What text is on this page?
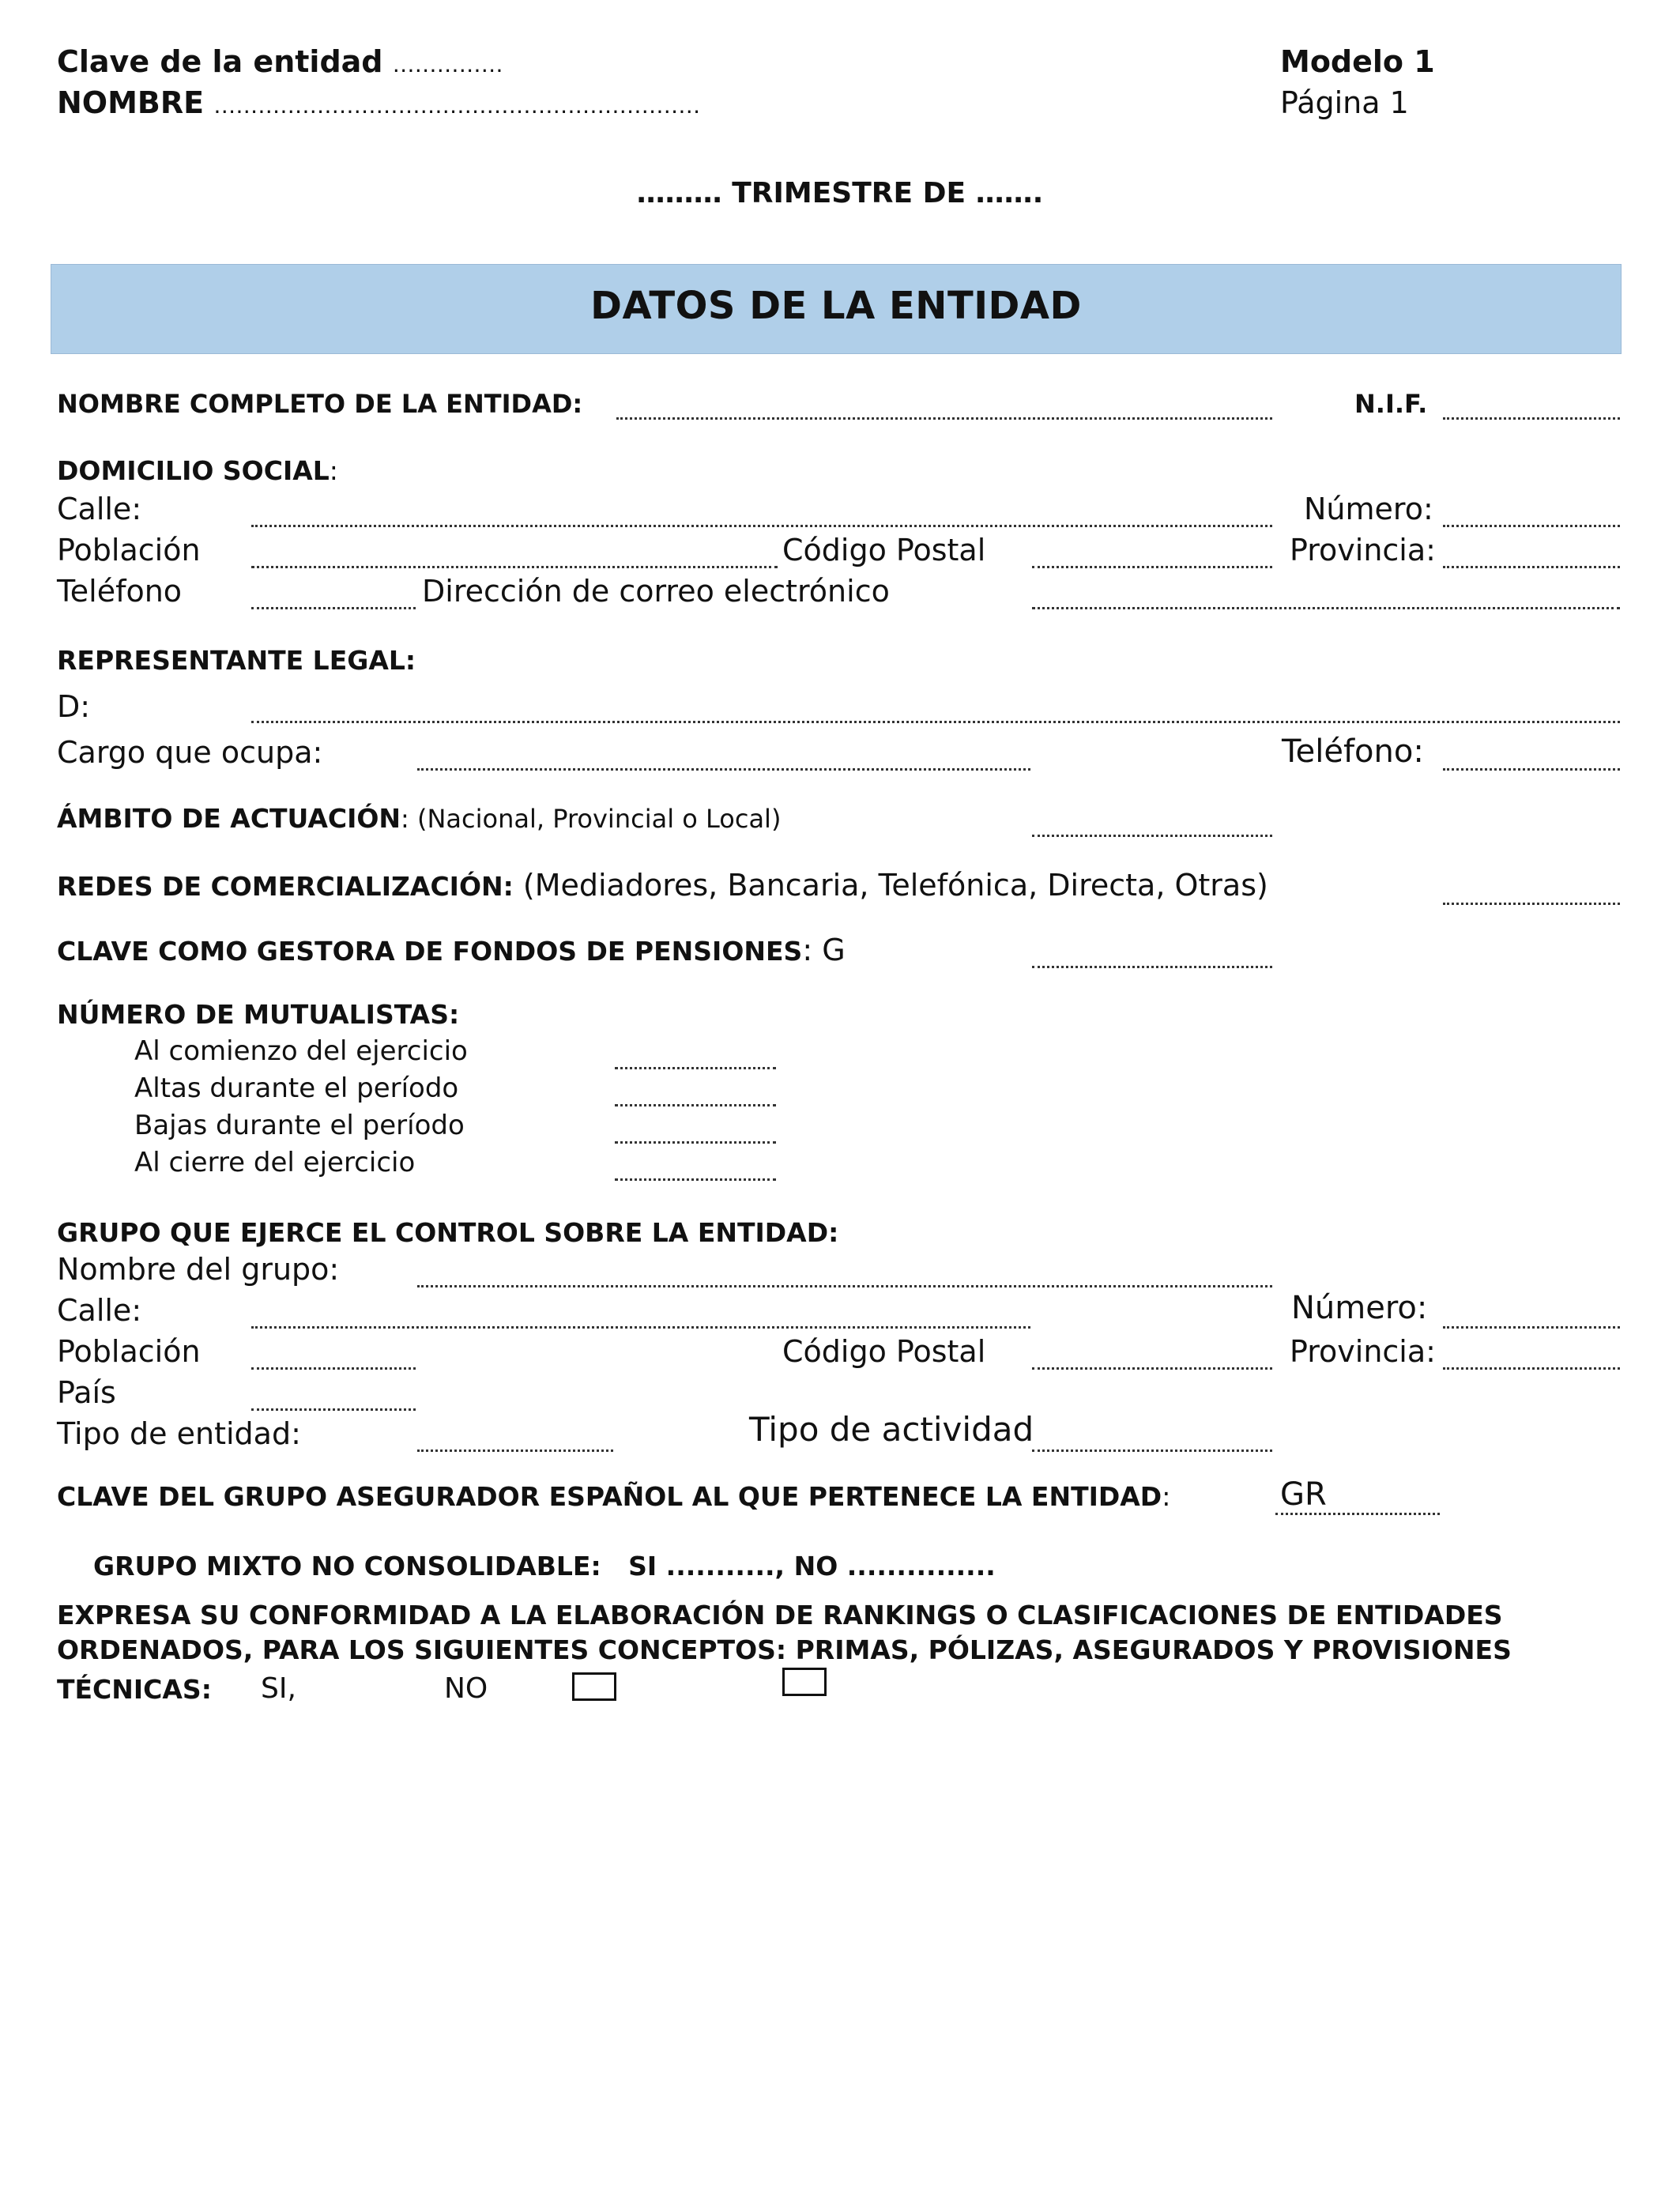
Clave de la entidad ……………
NOMBRE …………………………………………………………
Modelo 1
Página 1
……… TRIMESTRE DE …….
DATOS DE LA ENTIDAD
NOMBRE COMPLETO DE LA ENTIDAD:	N.I.F.
DOMICILIO SOCIAL:
Calle:	Número:
Población	Código Postal	Provincia:
Teléfono	Dirección de correo electrónico
REPRESENTANTE LEGAL:
D:
Cargo que ocupa:	Teléfono:
ÁMBITO DE ACTUACIÓN: (Nacional, Provincial o Local)
REDES DE COMERCIALIZACIÓN: (Mediadores, Bancaria, Telefónica, Directa, Otras)
CLAVE COMO GESTORA DE FONDOS DE PENSIONES: G
NÚMERO DE MUTUALISTAS:
Al comienzo del ejercicio
Altas durante el período
Bajas durante el período
Al cierre del ejercicio
GRUPO QUE EJERCE EL CONTROL SOBRE LA ENTIDAD:
Nombre del grupo:
Calle:	Número:
Población	Código Postal	Provincia:
País
Tipo de entidad:	Tipo de actividad
CLAVE DEL GRUPO ASEGURADOR ESPAÑOL AL QUE PERTENECE LA ENTIDAD:	GR
GRUPO MIXTO NO CONSOLIDABLE:   SI ..........., NO ...............
EXPRESA SU CONFORMIDAD A LA ELABORACIÓN DE RANKINGS O CLASIFICACIONES DE ENTIDADES
ORDENADOS, PARA LOS SIGUIENTES CONCEPTOS: PRIMAS, PÓLIZAS, ASEGURADOS Y PROVISIONES
TÉCNICAS: SI,	NO
